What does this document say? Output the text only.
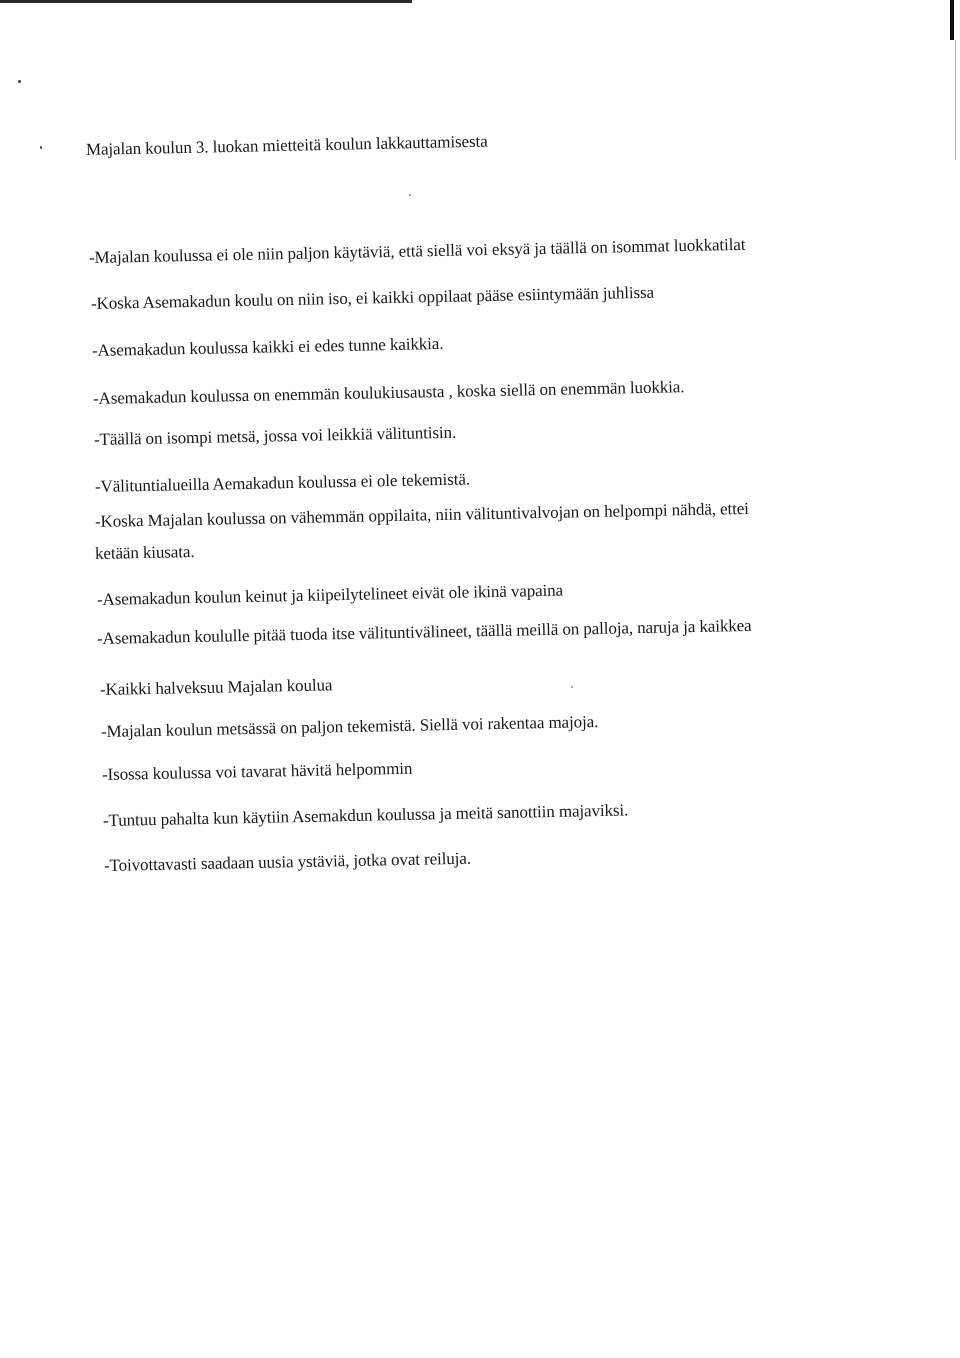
Majalan koulun 3. luokan mietteitä koulun lakkauttamisesta
-Majalan koulussa ei ole niin paljon käytäviä, että siellä voi eksyä ja täällä on isommat luokkatilat
-Koska Asemakadun koulu on niin iso, ei kaikki oppilaat pääse esiintymään juhlissa
-Asemakadun koulussa kaikki ei edes tunne kaikkia.
-Asemakadun koulussa on enemmän koulukiusausta , koska siellä on enemmän luokkia.
-Täällä on isompi metsä, jossa voi leikkiä välituntisin.
-Välituntialueilla Aemakadun koulussa ei ole tekemistä.
-Koska Majalan koulussa on vähemmän oppilaita, niin välituntivalvojan on helpompi nähdä, ettei
ketään kiusata.
-Asemakadun koulun keinut ja kiipeilytelineet eivät ole ikinä vapaina
-Asemakadun koululle pitää tuoda itse välituntivälineet, täällä meillä on palloja, naruja ja kaikkea
-Kaikki halveksuu Majalan koulua
-Majalan koulun metsässä on paljon tekemistä. Siellä voi rakentaa majoja.
-Isossa koulussa voi tavarat hävitä helpommin
-Tuntuu pahalta kun käytiin Asemakdun koulussa ja meitä sanottiin majaviksi.
-Toivottavasti saadaan uusia ystäviä, jotka ovat reiluja.
